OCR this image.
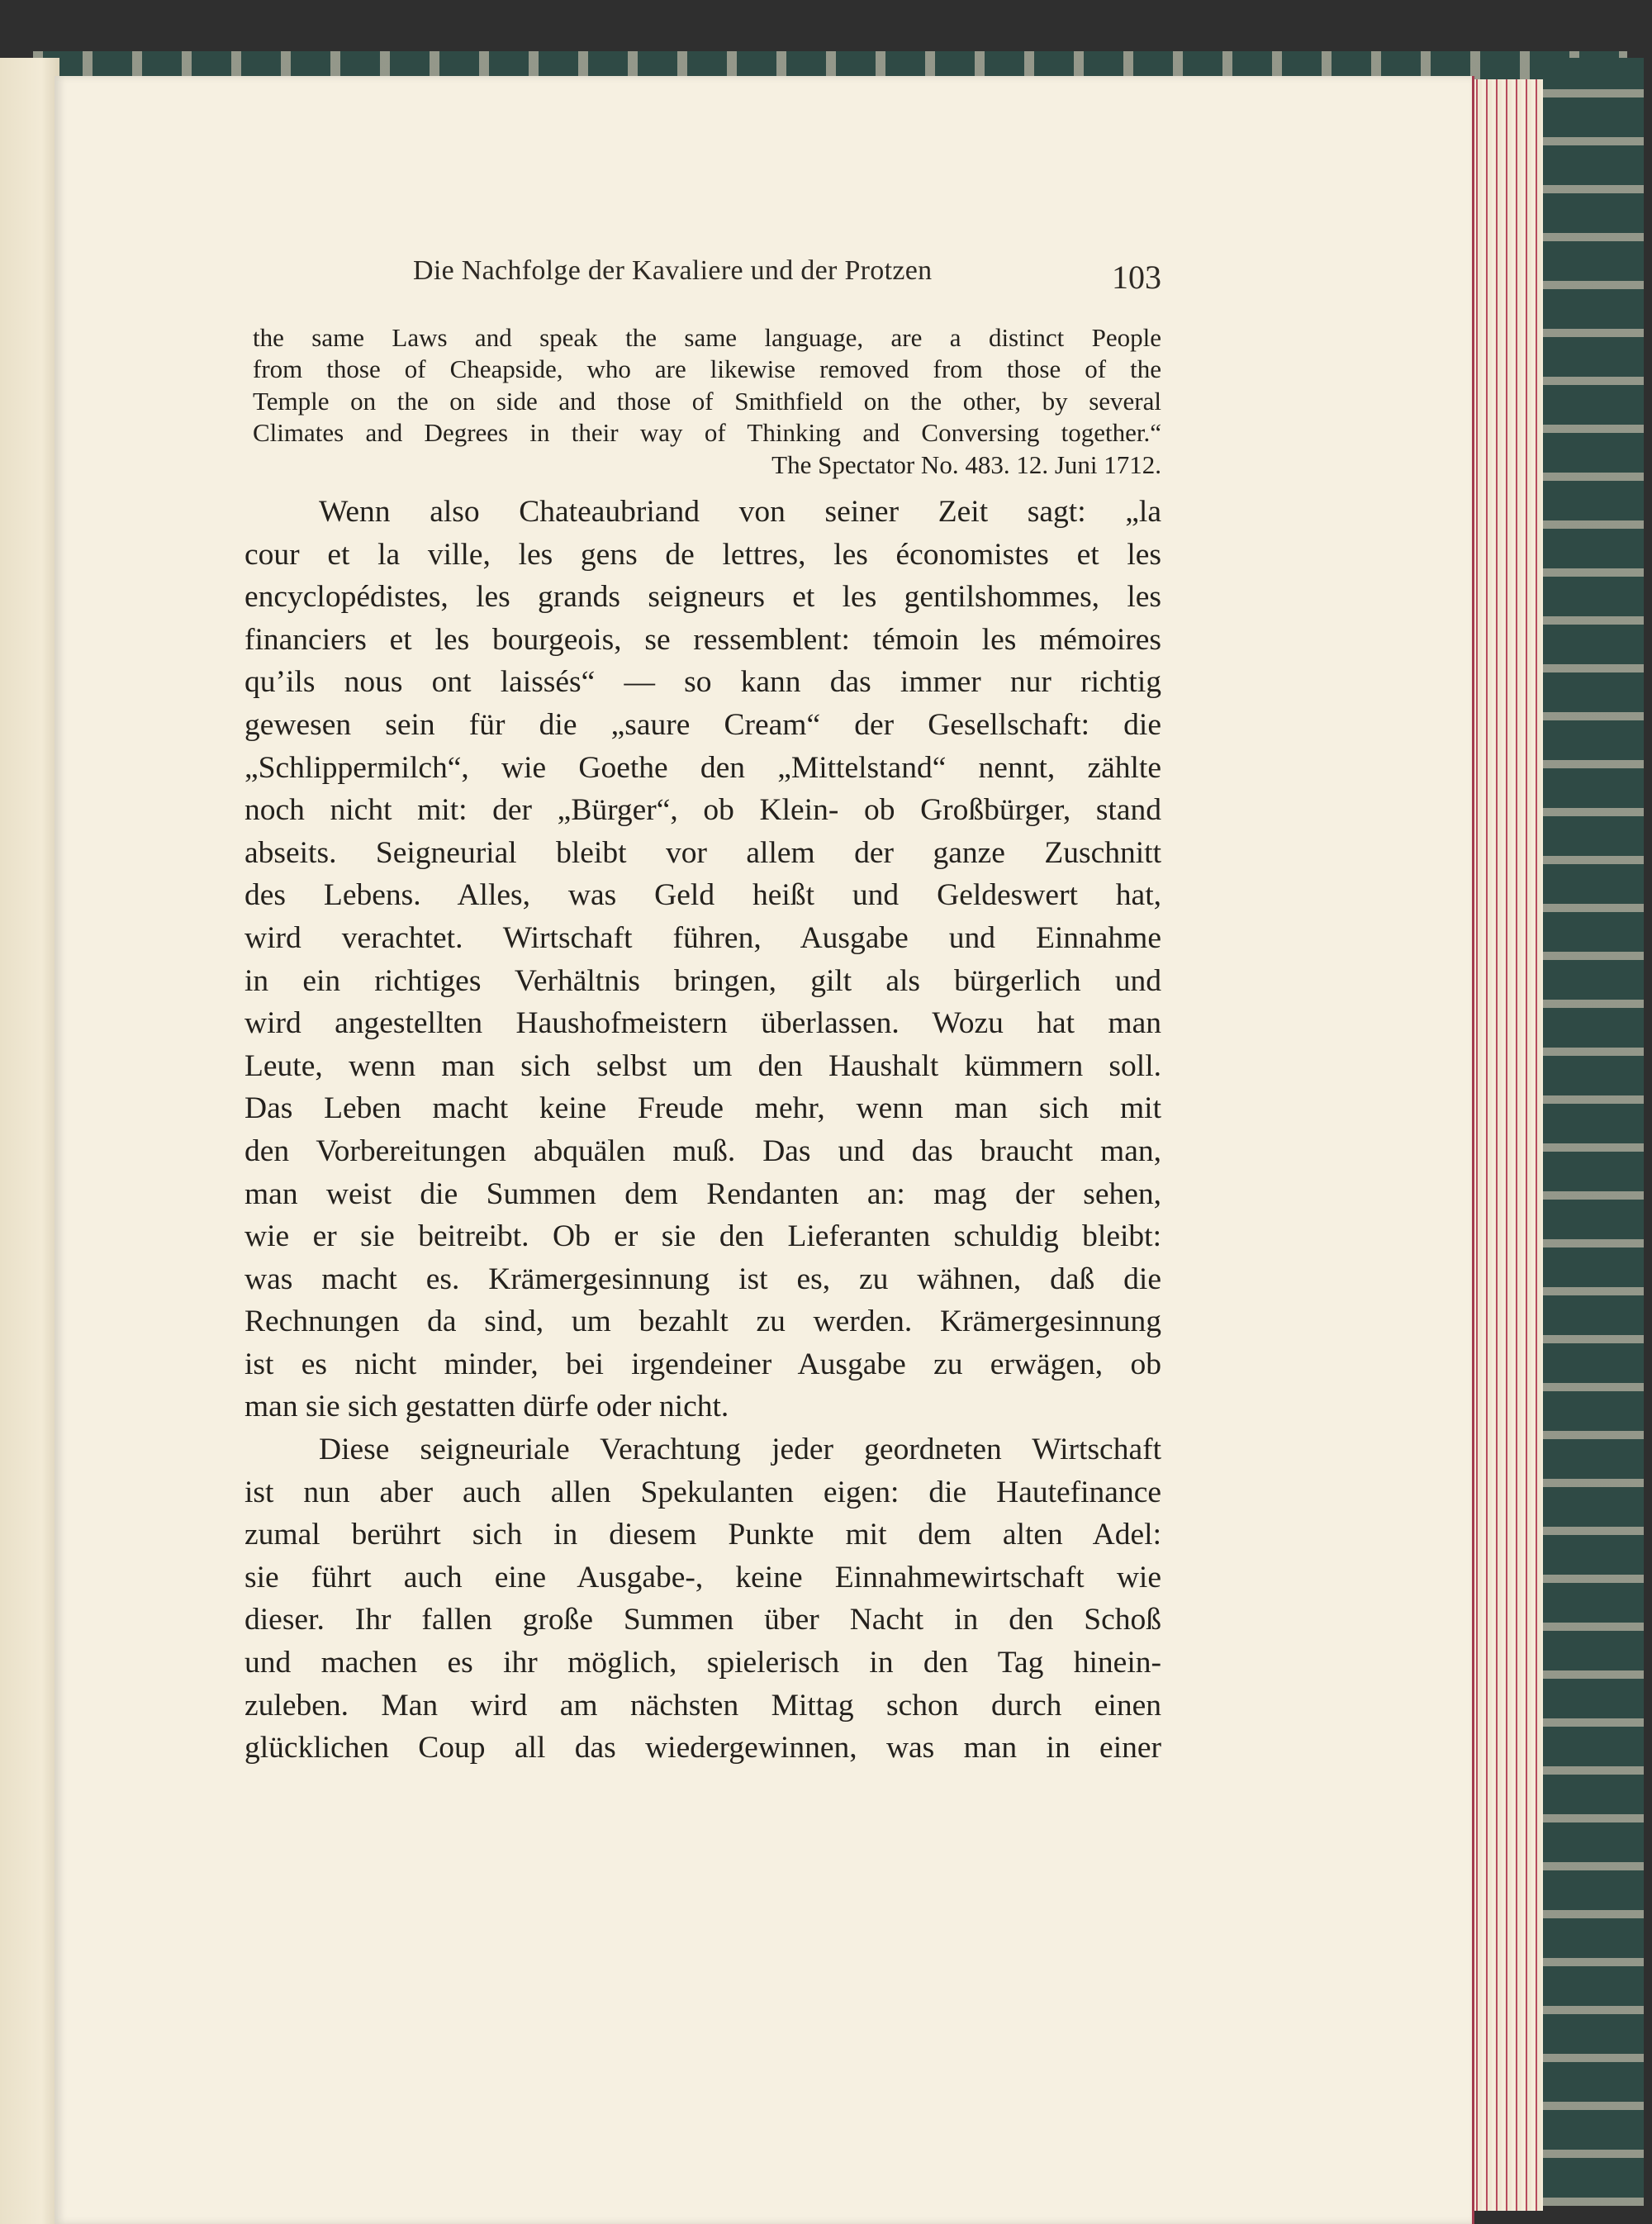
Die Nachfolge der Kavaliere und der Protzen	103
the same Laws and speak the same language, are a distinct People
from those of Cheapside, who are likewise removed from those of the
Temple on the on side and those of Smithfield on the other, by several
Climates and Degrees in their way of Thinking and Conversing together.“
The Spectator No. 483. 12. Juni 1712.
Wenn also Chateaubriand von seiner Zeit sagt: „la
cour et la ville, les gens de lettres, les économistes et les
encyclopédistes, les grands seigneurs et les gentilshommes, les
financiers et les bourgeois, se ressemblent: témoin les mémoires
qu’ils nous ont laissés“ — so kann das immer nur richtig
gewesen sein für die „saure Cream“ der Gesellschaft: die
„Schlippermilch“, wie Goethe den „Mittelstand“ nennt, zählte
noch nicht mit: der „Bürger“, ob Klein- ob Großbürger, stand
abseits. Seigneurial bleibt vor allem der ganze Zuschnitt
des Lebens. Alles, was Geld heißt und Geldeswert hat,
wird verachtet. Wirtschaft führen, Ausgabe und Einnahme
in ein richtiges Verhältnis bringen, gilt als bürgerlich und
wird angestellten Haushofmeistern überlassen. Wozu hat man
Leute, wenn man sich selbst um den Haushalt kümmern soll.
Das Leben macht keine Freude mehr, wenn man sich mit
den Vorbereitungen abquälen muß. Das und das braucht man,
man weist die Summen dem Rendanten an: mag der sehen,
wie er sie beitreibt. Ob er sie den Lieferanten schuldig bleibt:
was macht es. Krämergesinnung ist es, zu wähnen, daß die
Rechnungen da sind, um bezahlt zu werden. Krämergesinnung
ist es nicht minder, bei irgendeiner Ausgabe zu erwägen, ob
man sie sich gestatten dürfe oder nicht.
Diese seigneuriale Verachtung jeder geordneten Wirtschaft
ist nun aber auch allen Spekulanten eigen: die Hautefinance
zumal berührt sich in diesem Punkte mit dem alten Adel:
sie führt auch eine Ausgabe-, keine Einnahmewirtschaft wie
dieser. Ihr fallen große Summen über Nacht in den Schoß
und machen es ihr möglich, spielerisch in den Tag hinein-
zuleben. Man wird am nächsten Mittag schon durch einen
glücklichen Coup all das wiedergewinnen, was man in einer
